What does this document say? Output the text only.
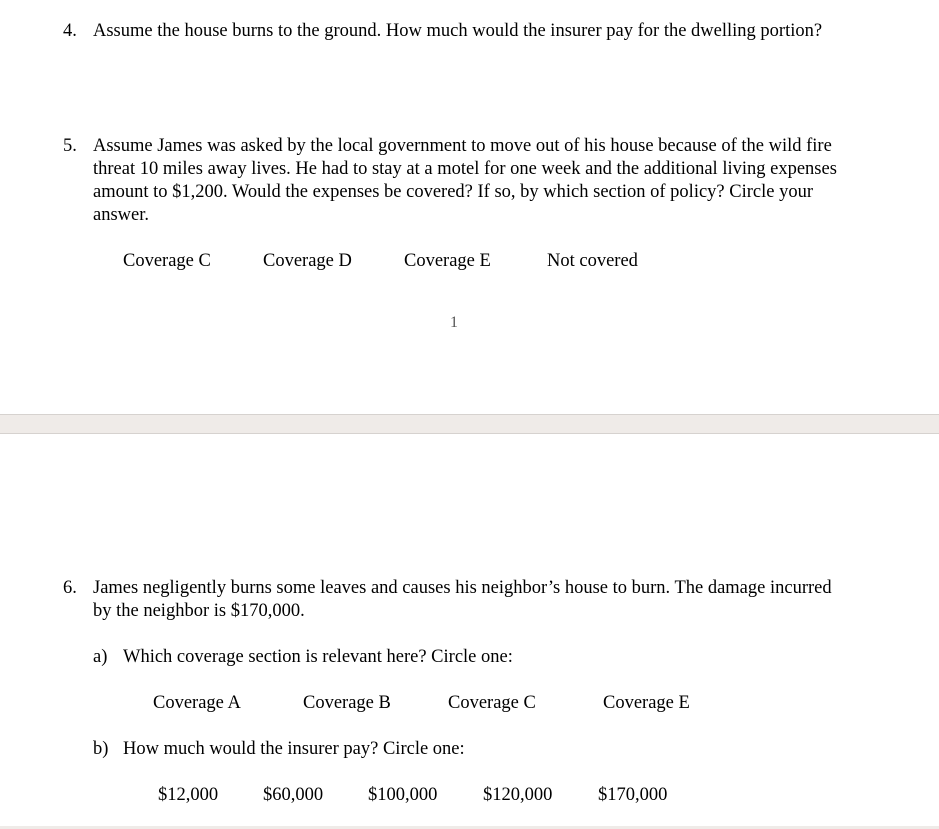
4. Assume the house burns to the ground. How much would the insurer pay for the dwelling portion?

5. Assume James was asked by the local government to move out of his house because of the wild fire threat 10 miles away lives. He had to stay at a motel for one week and the additional living expenses amount to $1,200. Would the expenses be covered? If so, by which section of policy? Circle your answer.

Coverage C	Coverage D	Coverage E	Not covered
1
6. James negligently burns some leaves and causes his neighbor’s house to burn. The damage incurred by the neighbor is $170,000.

a) Which coverage section is relevant here? Circle one:
Coverage A	Coverage B	Coverage C	Coverage E
b) How much would the insurer pay? Circle one:
$12,000 $60,000 $100,000 $120,000 $170,000
